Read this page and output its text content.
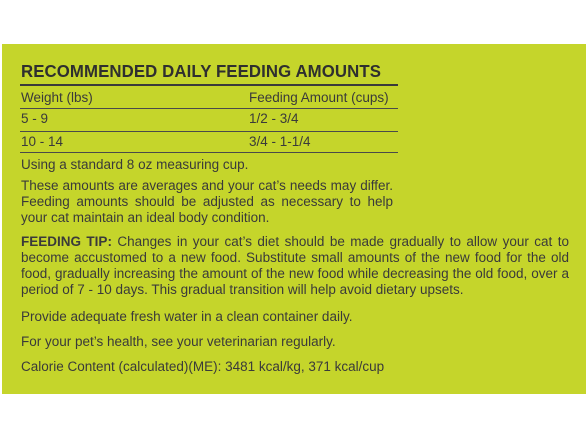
RECOMMENDED DAILY FEEDING AMOUNTS
Weight (lbs)	Feeding Amount (cups)
5 - 9	1/2 - 3/4
10 - 14	3/4 - 1-1/4

Using a standard 8 oz measuring cup.

These amounts are averages and your cat’s needs may differ. Feeding amounts should be adjusted as necessary to help your cat maintain an ideal body condition.

FEEDING TIP: Changes in your cat’s diet should be made gradually to allow your cat to become accustomed to a new food. Substitute small amounts of the new food for the old food, gradually increasing the amount of the new food while decreasing the old food, over a period of 7 - 10 days. This gradual transition will help avoid dietary upsets.

Provide adequate fresh water in a clean container daily.

For your pet’s health, see your veterinarian regularly.

Calorie Content (calculated)(ME): 3481 kcal/kg, 371 kcal/cup
